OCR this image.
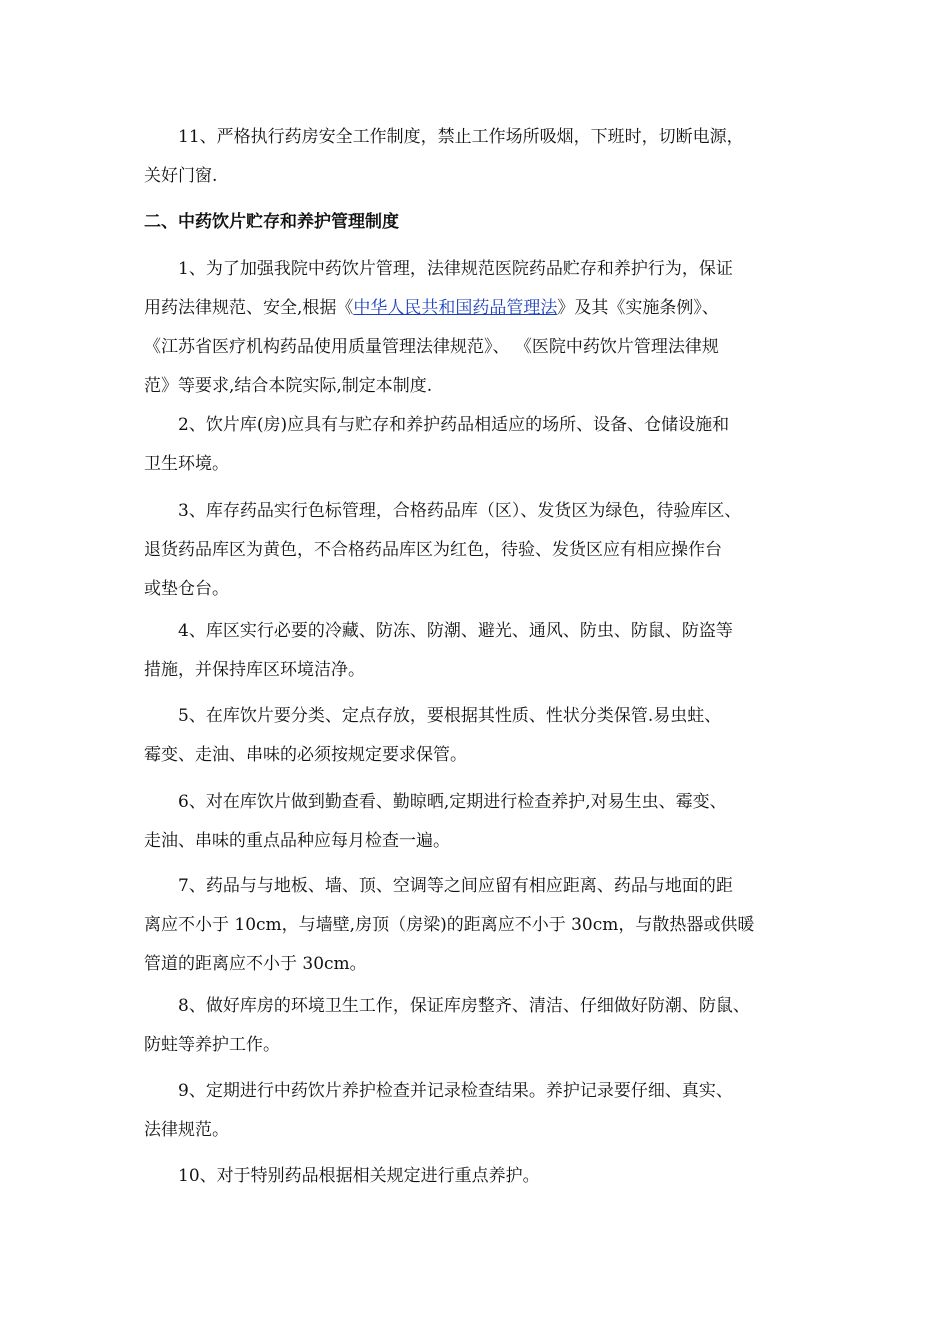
11、严格执行药房安全工作制度，禁止工作场所吸烟，下班时，切断电源，
关好门窗.
二、中药饮片贮存和养护管理制度
1、为了加强我院中药饮片管理，法律规范医院药品贮存和养护行为，保证
用药法律规范、安全,根据《中华人民共和国药品管理法》及其《实施条例》、
《江苏省医疗机构药品使用质量管理法律规范》、 《医院中药饮片管理法律规
范》等要求,结合本院实际,制定本制度.
2、饮片库(房)应具有与贮存和养护药品相适应的场所、设备、仓储设施和
卫生环境。
3、库存药品实行色标管理，合格药品库（区）、发货区为绿色，待验库区、
退货药品库区为黄色，不合格药品库区为红色，待验、发货区应有相应操作台
或垫仓台。
4、库区实行必要的冷藏、防冻、防潮、避光、通风、防虫、防鼠、防盗等
措施，并保持库区环境洁净。
5、在库饮片要分类、定点存放，要根据其性质、性状分类保管.易虫蛀、
霉变、走油、串味的必须按规定要求保管。
6、对在库饮片做到勤查看、勤晾晒,定期进行检查养护,对易生虫、霉变、
走油、串味的重点品种应每月检查一遍。
7、药品与与地板、墙、顶、空调等之间应留有相应距离、药品与地面的距
离应不小于 10cm，与墙壁,房顶（房梁)的距离应不小于 30cm，与散热器或供暖
管道的距离应不小于 30cm。
8、做好库房的环境卫生工作，保证库房整齐、清洁、仔细做好防潮、防鼠、
防蛀等养护工作。
9、定期进行中药饮片养护检查并记录检查结果。养护记录要仔细、真实、
法律规范。
10、对于特别药品根据相关规定进行重点养护。
